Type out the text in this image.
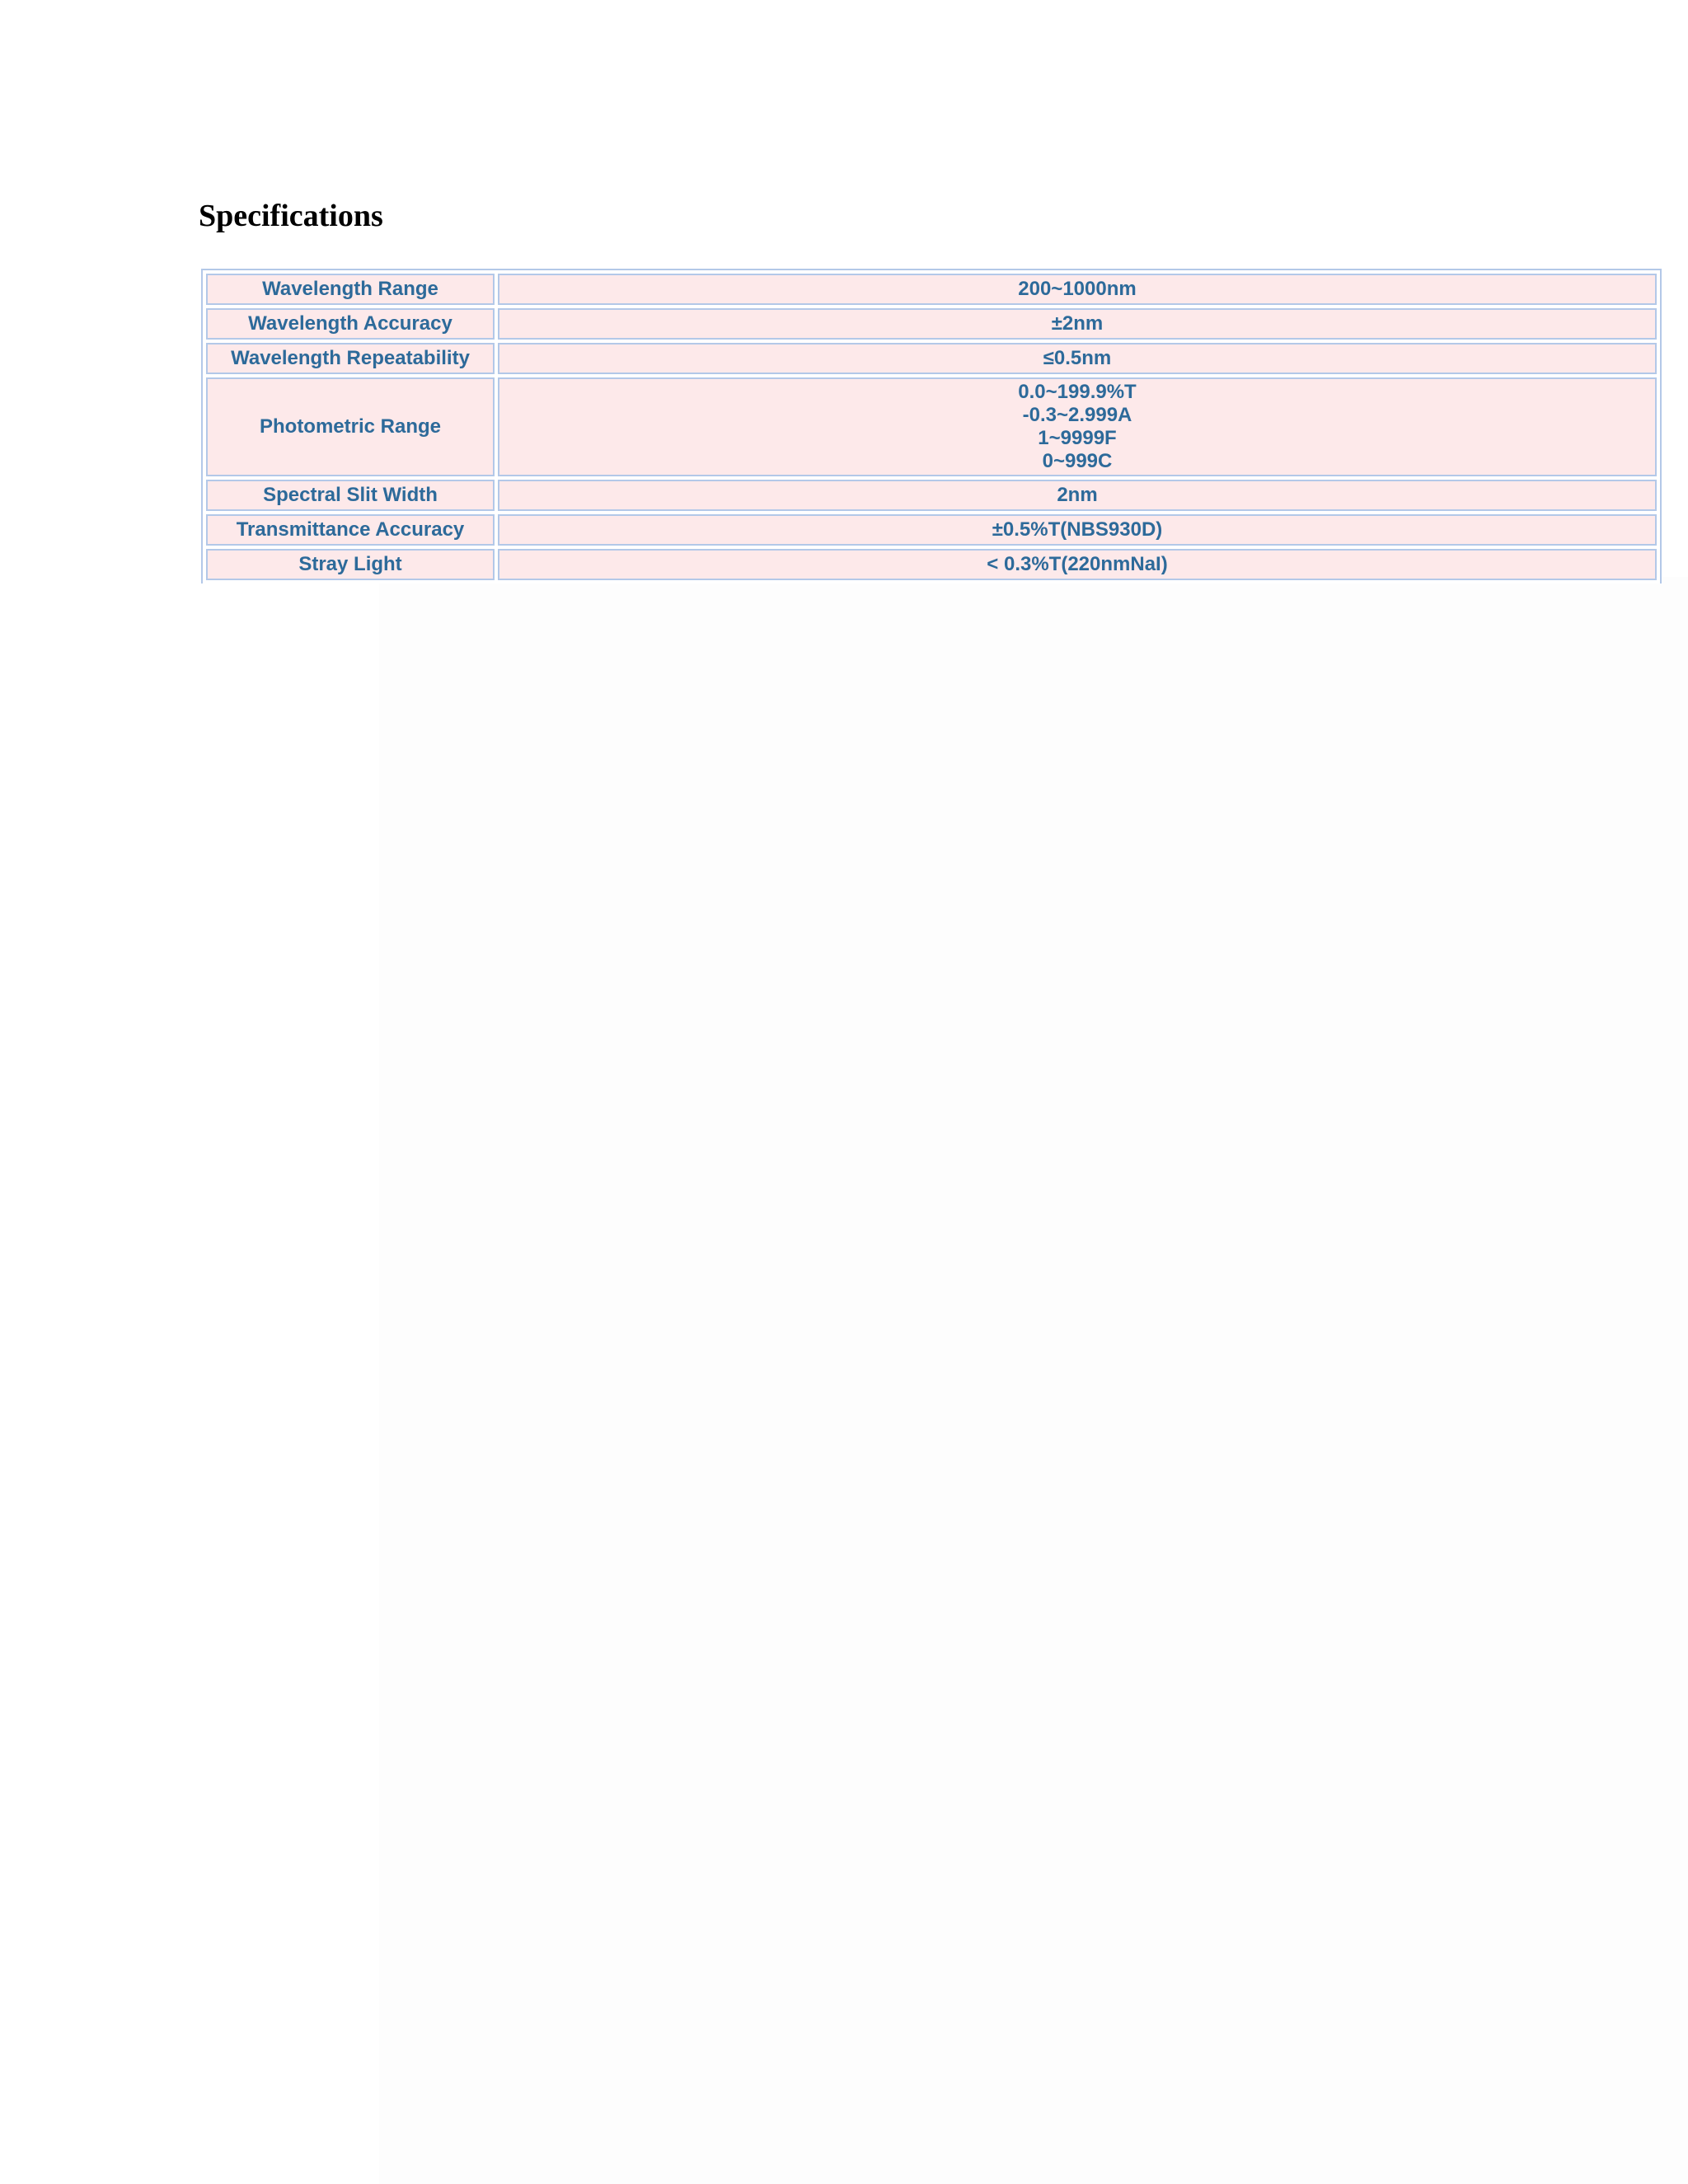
Specifications
Wavelength Range	200~1000nm

Wavelength Accuracy	±2nm

Wavelength Repeatability	≤0.5nm

Photometric Range	0.0~199.9%T
-0.3~2.999A
1~9999F
0~999C

Spectral Slit Width	2nm

Transmittance Accuracy	±0.5%T(NBS930D)

Stray Light	< 0.3%T(220nmNaI)
